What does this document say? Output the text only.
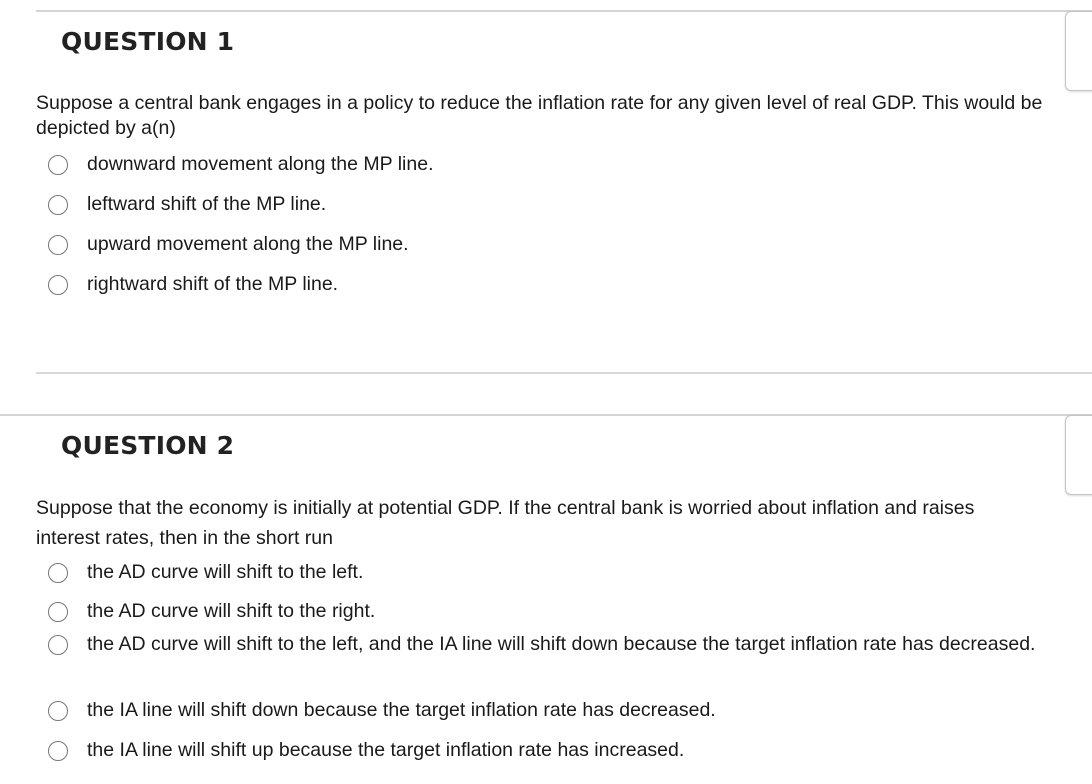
QUESTION 1

Suppose a central bank engages in a policy to reduce the inflation rate for any given level of real GDP. This would be depicted by a(n)

downward movement along the MP line.
leftward shift of the MP line.
upward movement along the MP line.
rightward shift of the MP line.
QUESTION 2

Suppose that the economy is initially at potential GDP. If the central bank is worried about inflation and raises interest rates, then in the short run

the AD curve will shift to the left.
the AD curve will shift to the right.
the AD curve will shift to the left, and the IA line will shift down because the target inflation rate has decreased.
the IA line will shift down because the target inflation rate has decreased.
the IA line will shift up because the target inflation rate has increased.
